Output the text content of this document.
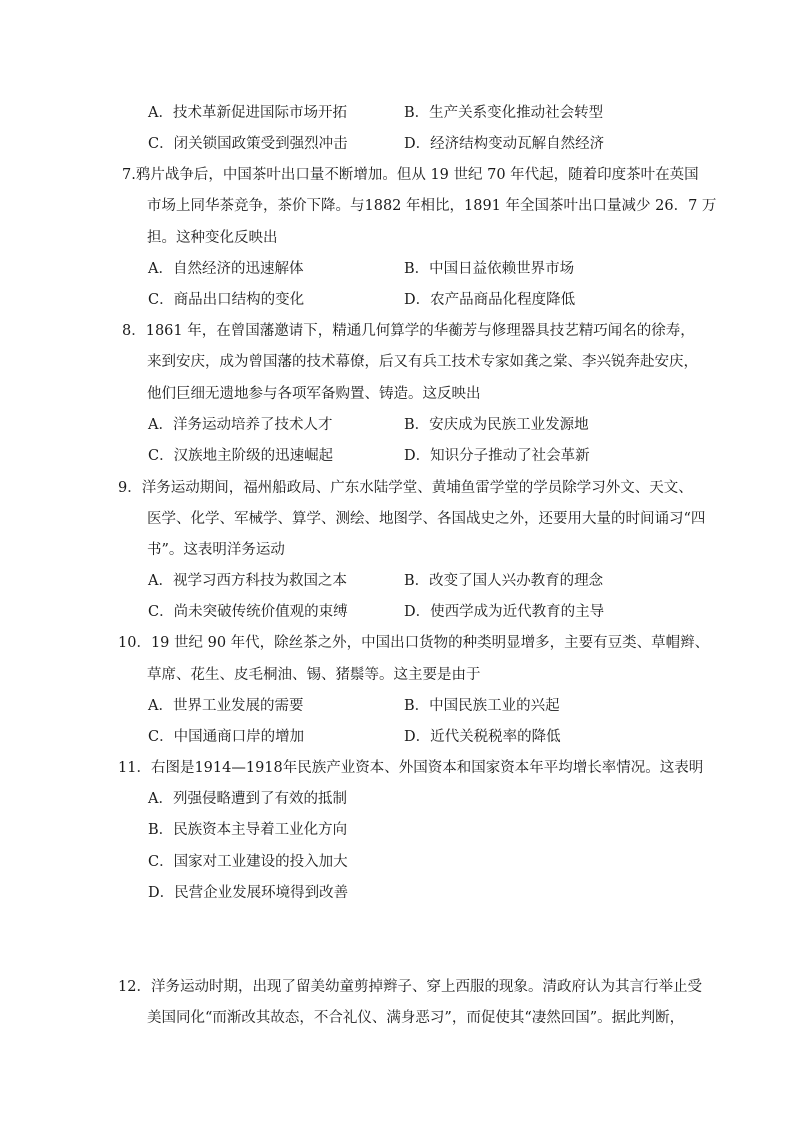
A．技术革新促进国际市场开拓	B．生产关系变化推动社会转型
C．闭关锁国政策受到强烈冲击	D．经济结构变动瓦解自然经济
7.鸦片战争后，中国茶叶出口量不断增加。但从 19 世纪 70 年代起，随着印度茶叶在英国
市场上同华茶竞争，茶价下降。与1882 年相比，1891 年全国茶叶出口量减少 26．7 万
担。这种变化反映出
A．自然经济的迅速解体	B．中国日益依赖世界市场
C．商品出口结构的变化	D．农产品商品化程度降低
8．1861 年，在曾国藩邀请下，精通几何算学的华蘅芳与修理器具技艺精巧闻名的徐寿，
来到安庆，成为曾国藩的技术幕僚，后又有兵工技术专家如龚之棠、李兴锐奔赴安庆，
他们巨细无遗地参与各项军备购置、铸造。这反映出
A．洋务运动培养了技术人才	B．安庆成为民族工业发源地
C．汉族地主阶级的迅速崛起	D．知识分子推动了社会革新
9．洋务运动期间，福州船政局、广东水陆学堂、黄埔鱼雷学堂的学员除学习外文、天文、
医学、化学、军械学、算学、测绘、地图学、各国战史之外，还要用大量的时间诵习“四
书”。这表明洋务运动
A．视学习西方科技为救国之本	B．改变了国人兴办教育的理念
C．尚未突破传统价值观的束缚	D．使西学成为近代教育的主导
10．19 世纪 90 年代，除丝茶之外，中国出口货物的种类明显增多，主要有豆类、草帽辫、
草席、花生、皮毛桐油、锡、猪鬃等。这主要是由于
A．世界工业发展的需要	B．中国民族工业的兴起
C．中国通商口岸的增加	D．近代关税税率的降低
11．右图是1914—1918年民族产业资本、外国资本和国家资本年平均增长率情况。这表明
A．列强侵略遭到了有效的抵制
B．民族资本主导着工业化方向
C．国家对工业建设的投入加大
D．民营企业发展环境得到改善
12．洋务运动时期，出现了留美幼童剪掉辫子、穿上西服的现象。清政府认为其言行举止受
美国同化“而渐改其故态，不合礼仪、满身恶习”，而促使其“凄然回国”。据此判断，
